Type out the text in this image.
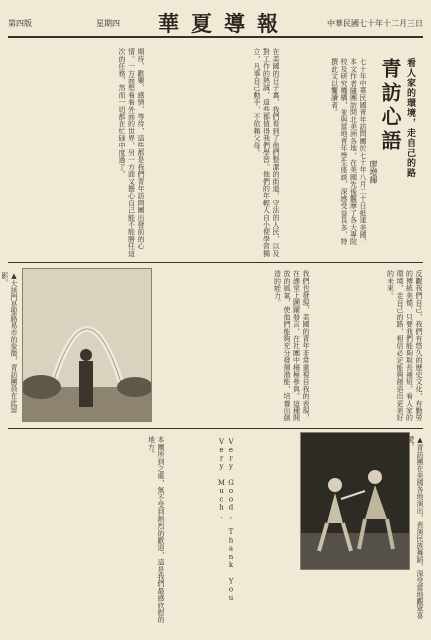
第四版	星期四 華夏導報	中華民國七十年十二月三日
青訪心語 看人家的環境，走自己的路
廖增輝
七十年中華民國青年訪問團於七十年八月二十日抵達美國，本文作者隨團訪問北美洲各地，在美國先後觀摩了各大專院校及研究機構，並與當地青年學生座談，深感受益良多，特撰此文以饗讀者。
期待、歡樂、感情、等待，這些都是我們青年訪問團出發前的心情。一方面想看看外面的世界，另一方面又擔心自己能不能勝任這次的任務，然而一切都在忙碌中度過了。	在美國的日子裏，我們看到了他們整潔的街道，守法的人民，以及對工作的熱誠，這些都值得我們學習。他們的年輕人自小便學習獨立，凡事自己動手，不依賴父母。
▲大拱門是聖路易市的象徵，青訪團員在此留影。	我們也發現，美國的青年非常重視自我的表現，在課堂上踴躍發言，在社團中積極參與。這種開放的風氣，使他們能夠充分發揮潛能，培養出創造的能力。	反觀我們自己，我們有悠久的歷史文化，有勤勞的傳統美德，只要我們能夠取長補短，看人家的環境，走自己的路，相信必定能夠創造出更美好的未來。
本團所到之處，無不受到熱烈的歡迎，這是我們最感欣慰的地方。	▲青訪團在美國各地演出，表演民族舞蹈，深受當地觀眾喜愛。
Very Good, Thank You Very Much.
